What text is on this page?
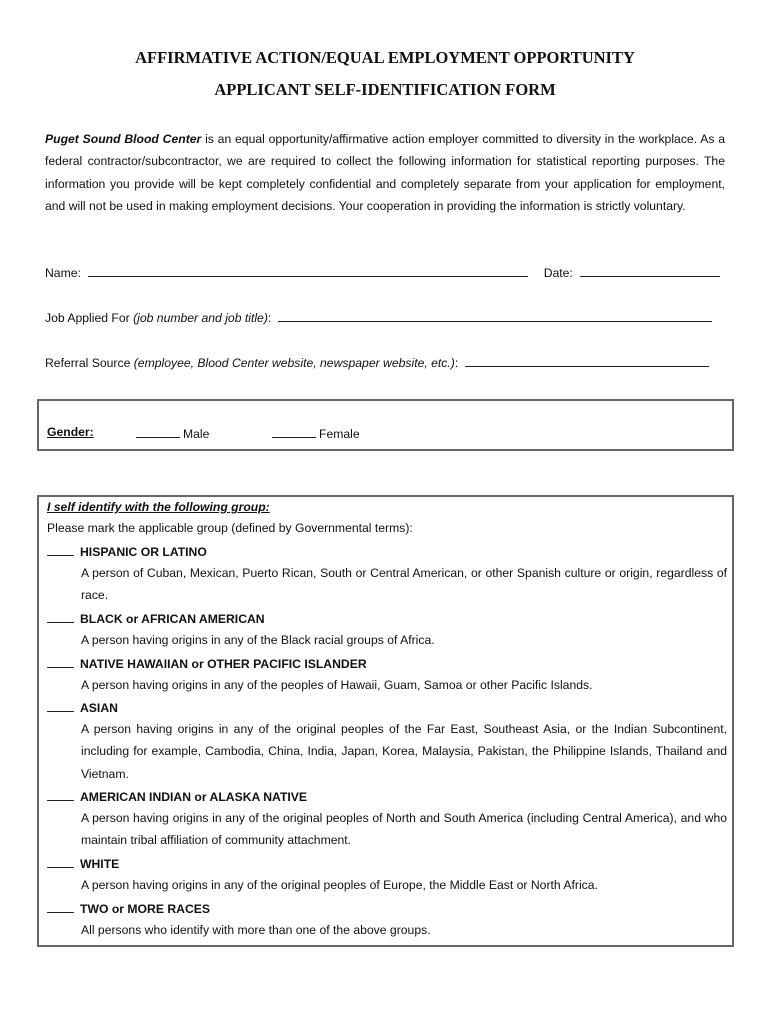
AFFIRMATIVE ACTION/EQUAL EMPLOYMENT OPPORTUNITY
APPLICANT SELF-IDENTIFICATION FORM
Puget Sound Blood Center is an equal opportunity/affirmative action employer committed to diversity in the workplace. As a federal contractor/subcontractor, we are required to collect the following information for statistical reporting purposes. The information you provide will be kept completely confidential and completely separate from your application for employment, and will not be used in making employment decisions. Your cooperation in providing the information is strictly voluntary.
Name:	Date:
Job Applied For (job number and job title):
Referral Source (employee, Blood Center website, newspaper website, etc.):
Gender:	Male	Female
I self identify with the following group:
Please mark the applicable group (defined by Governmental terms):
HISPANIC OR LATINO
A person of Cuban, Mexican, Puerto Rican, South or Central American, or other Spanish culture or origin, regardless of race.
BLACK or AFRICAN AMERICAN
A person having origins in any of the Black racial groups of Africa.
NATIVE HAWAIIAN or OTHER PACIFIC ISLANDER
A person having origins in any of the peoples of Hawaii, Guam, Samoa or other Pacific Islands.
ASIAN
A person having origins in any of the original peoples of the Far East, Southeast Asia, or the Indian Subcontinent, including for example, Cambodia, China, India, Japan, Korea, Malaysia, Pakistan, the Philippine Islands, Thailand and Vietnam.
AMERICAN INDIAN or ALASKA NATIVE
A person having origins in any of the original peoples of North and South America (including Central America), and who maintain tribal affiliation of community attachment.
WHITE
A person having origins in any of the original peoples of Europe, the Middle East or North Africa.
TWO or MORE RACES
All persons who identify with more than one of the above groups.
